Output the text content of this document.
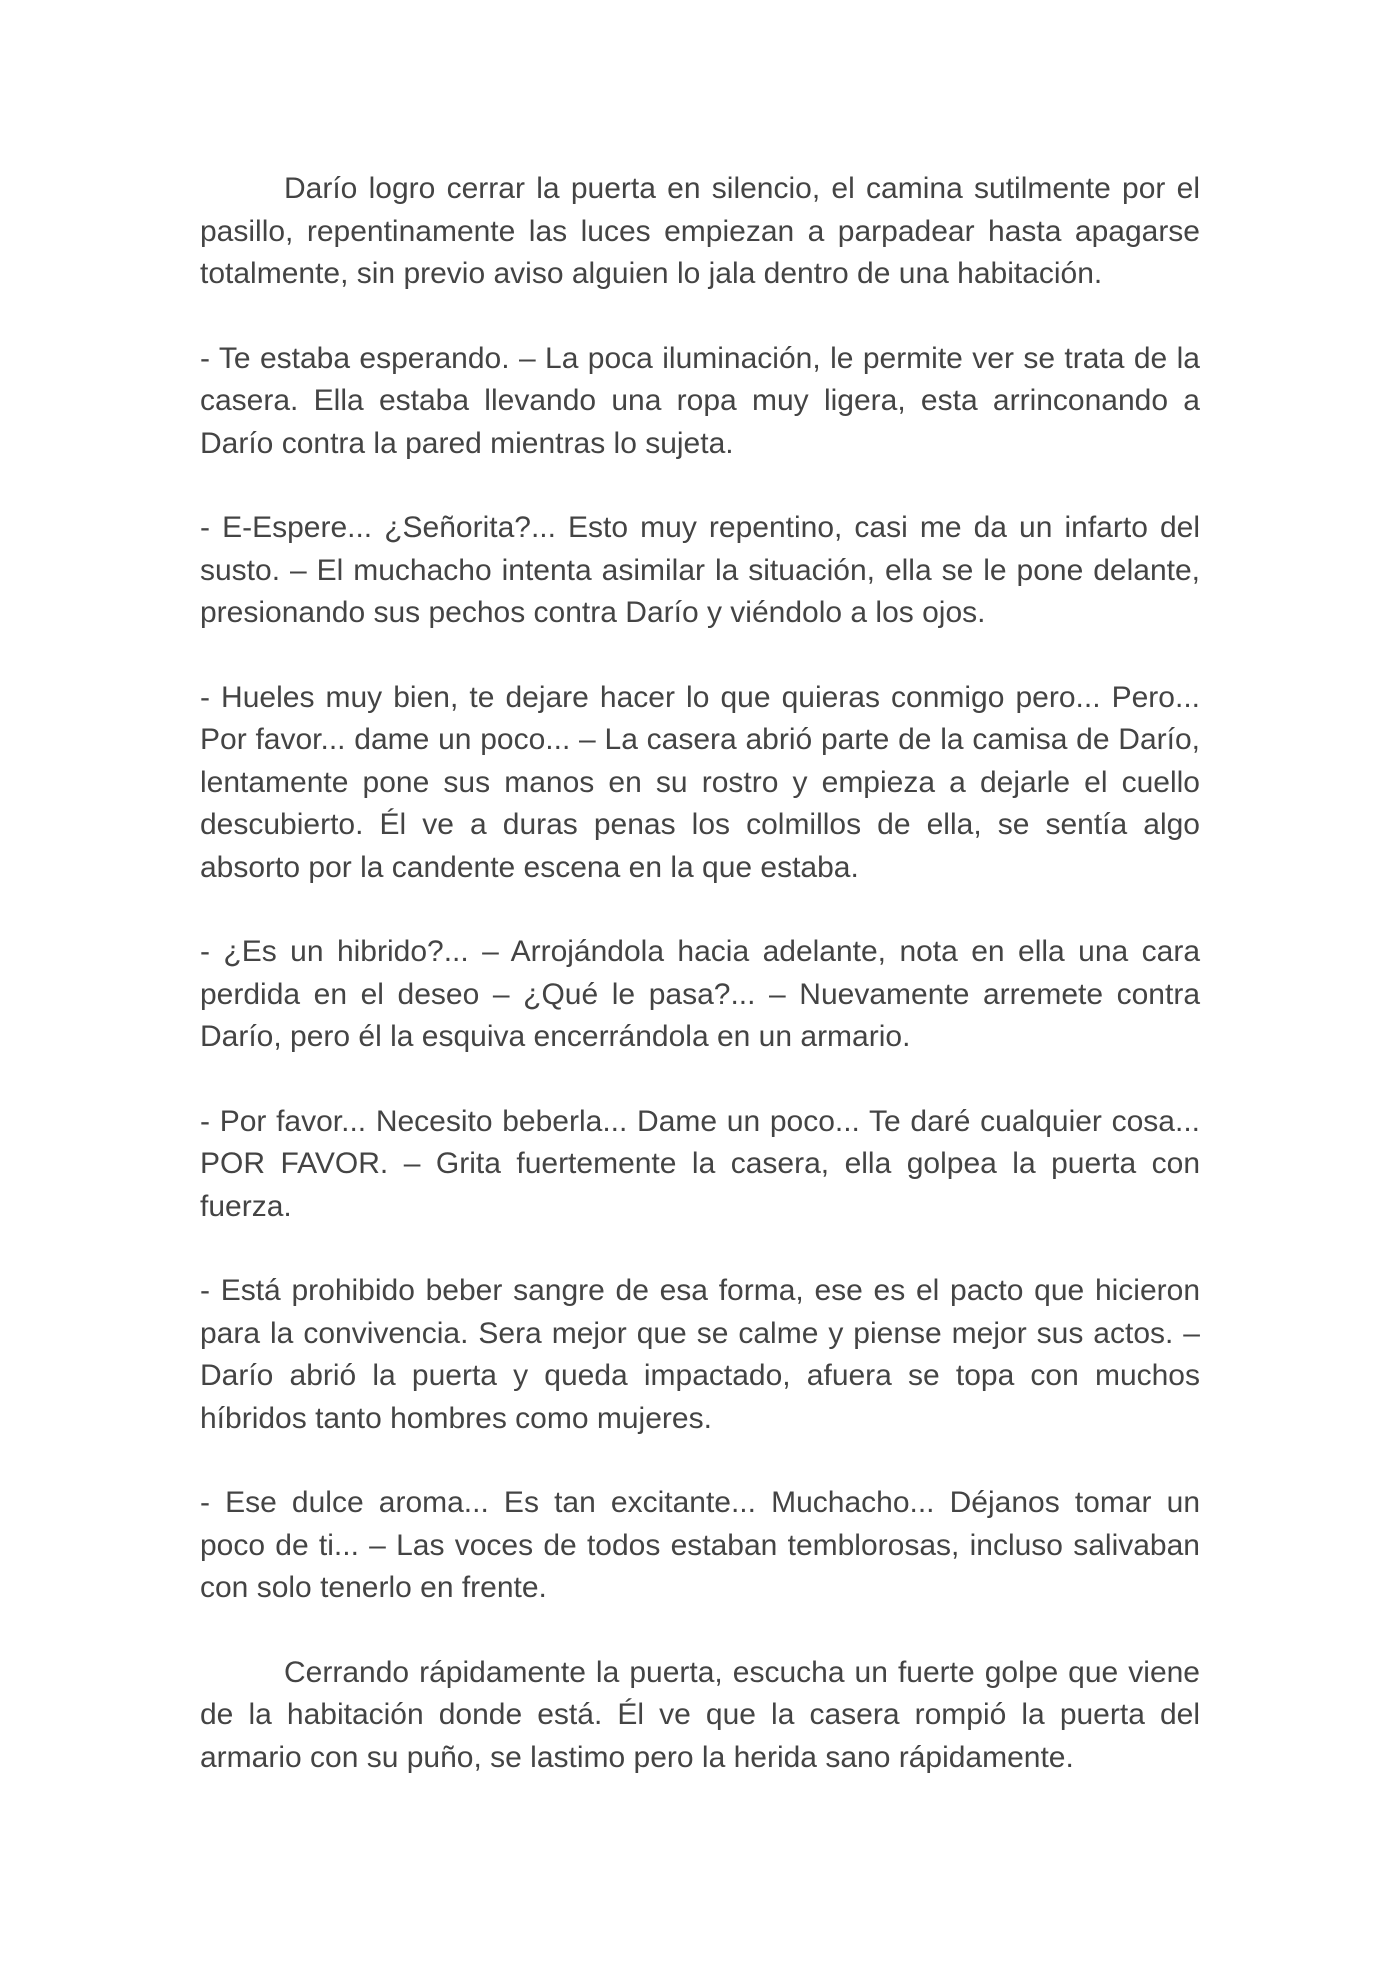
Darío logro cerrar la puerta en silencio, el camina sutilmente por el pasillo, repentinamente las luces empiezan a parpadear hasta apagarse totalmente, sin previo aviso alguien lo jala dentro de una habitación.

- Te estaba esperando. – La poca iluminación, le permite ver se trata de la casera. Ella estaba llevando una ropa muy ligera, esta arrinconando a Darío contra la pared mientras lo sujeta.

- E-Espere... ¿Señorita?... Esto muy repentino, casi me da un infarto del susto. – El muchacho intenta asimilar la situación, ella se le pone delante, presionando sus pechos contra Darío y viéndolo a los ojos.

- Hueles muy bien, te dejare hacer lo que quieras conmigo pero... Pero... Por favor... dame un poco... – La casera abrió parte de la camisa de Darío, lentamente pone sus manos en su rostro y empieza a dejarle el cuello descubierto. Él ve a duras penas los colmillos de ella, se sentía algo absorto por la candente escena en la que estaba.

- ¿Es un hibrido?... – Arrojándola hacia adelante, nota en ella una cara perdida en el deseo – ¿Qué le pasa?... – Nuevamente arremete contra Darío, pero él la esquiva encerrándola en un armario.

- Por favor... Necesito beberla... Dame un poco... Te daré cualquier cosa... POR FAVOR. – Grita fuertemente la casera, ella golpea la puerta con fuerza.

- Está prohibido beber sangre de esa forma, ese es el pacto que hicieron para la convivencia. Sera mejor que se calme y piense mejor sus actos. – Darío abrió la puerta y queda impactado, afuera se topa con muchos híbridos tanto hombres como mujeres.

- Ese dulce aroma... Es tan excitante... Muchacho... Déjanos tomar un poco de ti... – Las voces de todos estaban temblorosas, incluso salivaban con solo tenerlo en frente.

Cerrando rápidamente la puerta, escucha un fuerte golpe que viene de la habitación donde está. Él ve que la casera rompió la puerta del armario con su puño, se lastimo pero la herida sano rápidamente.
